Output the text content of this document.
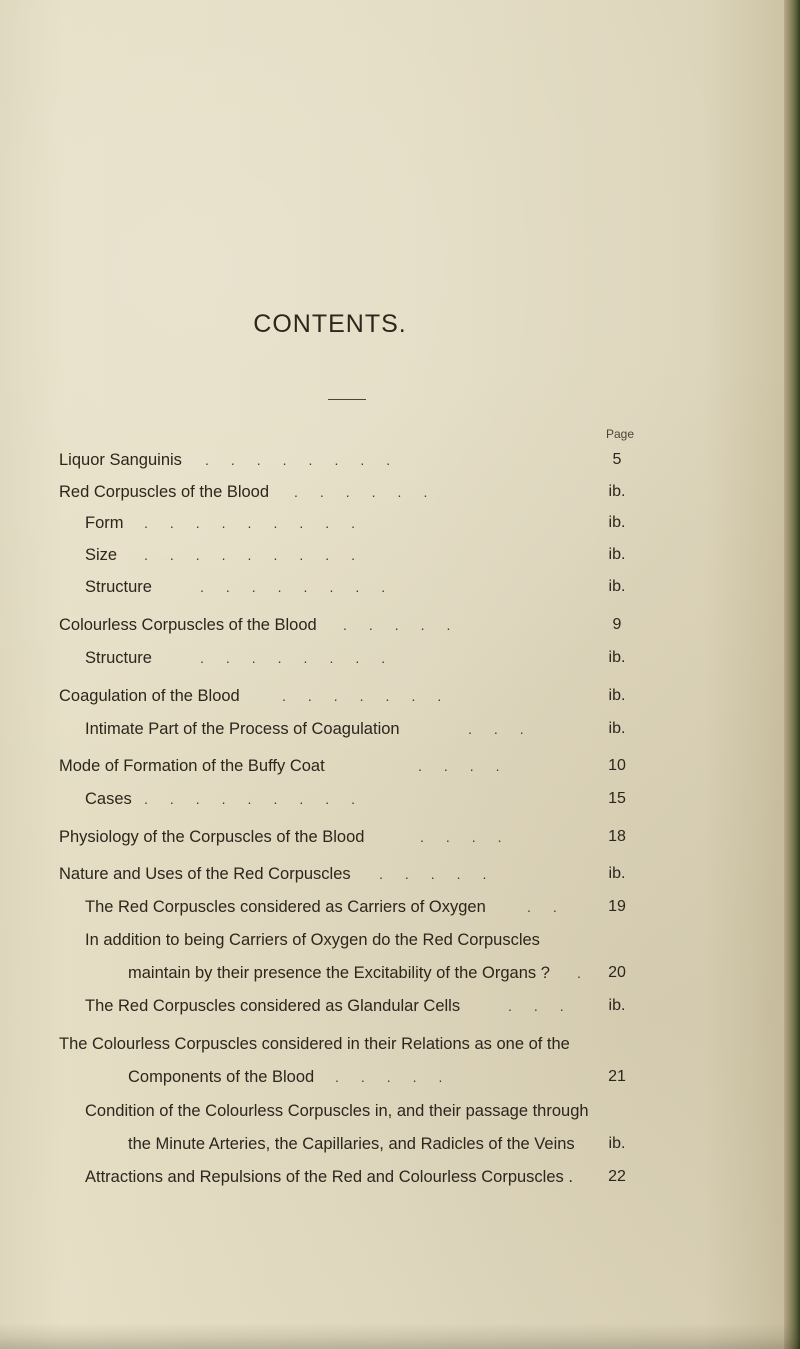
CONTENTS.
Page
Liquor Sanguinis ........	5
Red Corpuscles of the Blood ......	ib.
Form .........	ib.
Size .........	ib.
Structure	........	ib.
Colourless Corpuscles of the Blood .....	9
Structure	........	ib.
Coagulation of the Blood	.......	ib.
Intimate Part of the Process of Coagulation	...	ib.
Mode of Formation of the Buffy Coat	....	10
Cases .........	15
Physiology of the Corpuscles of the Blood	....	18
Nature and Uses of the Red Corpuscles .....	ib.
The Red Corpuscles considered as Carriers of Oxygen	..	19
In addition to being Carriers of Oxygen do the Red Corpuscles
maintain by their presence the Excitability of the Organs ? . 20
The Red Corpuscles considered as Glandular Cells	...	ib.
The Colourless Corpuscles considered in their Relations as one of the
Components of the Blood .....	21
Condition of the Colourless Corpuscles in, and their passage through
the Minute Arteries, the Capillaries, and Radicles of the Veins	ib.
Attractions and Repulsions of the Red and Colourless Corpuscles .	22
